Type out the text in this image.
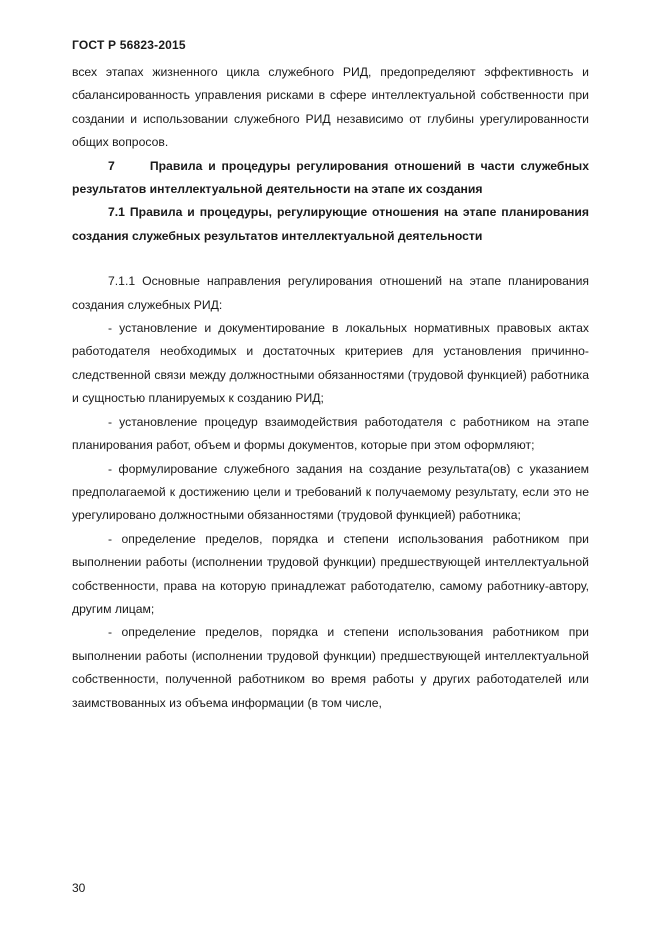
ГОСТ Р 56823-2015

всех этапах жизненного цикла служебного РИД, предопределяют эффективность и сбалансированность управления рисками в сфере интеллектуальной собственности при создании и использовании служебного РИД независимо от глубины урегулированности общих вопросов.

7      Правила и процедуры регулирования отношений в части служебных результатов интеллектуальной деятельности на этапе их создания

7.1 Правила и процедуры, регулирующие отношения на этапе планирования создания служебных результатов интеллектуальной деятельности

7.1.1 Основные направления регулирования отношений на этапе планирования создания служебных РИД:

- установление и документирование в локальных нормативных правовых актах работодателя необходимых и достаточных критериев для установления причинно-следственной связи между должностными обязанностями (трудовой функцией) работника и сущностью планируемых к созданию РИД;

- установление процедур взаимодействия работодателя с работником на этапе планирования работ, объем и формы документов, которые при этом оформляют;

- формулирование служебного задания на создание результата(ов) с указанием предполагаемой к достижению цели и требований к получаемому результату, если это не урегулировано должностными обязанностями (трудовой функцией) работника;

- определение пределов, порядка и степени использования работником при выполнении работы (исполнении трудовой функции) предшествующей интеллектуальной собственности, права на которую принадлежат работодателю, самому работнику-автору, другим лицам;

- определение пределов, порядка и степени использования работником при выполнении работы (исполнении трудовой функции) предшествующей интеллектуальной собственности, полученной работником во время работы у других работодателей или заимствованных из объема информации (в том числе,

30
